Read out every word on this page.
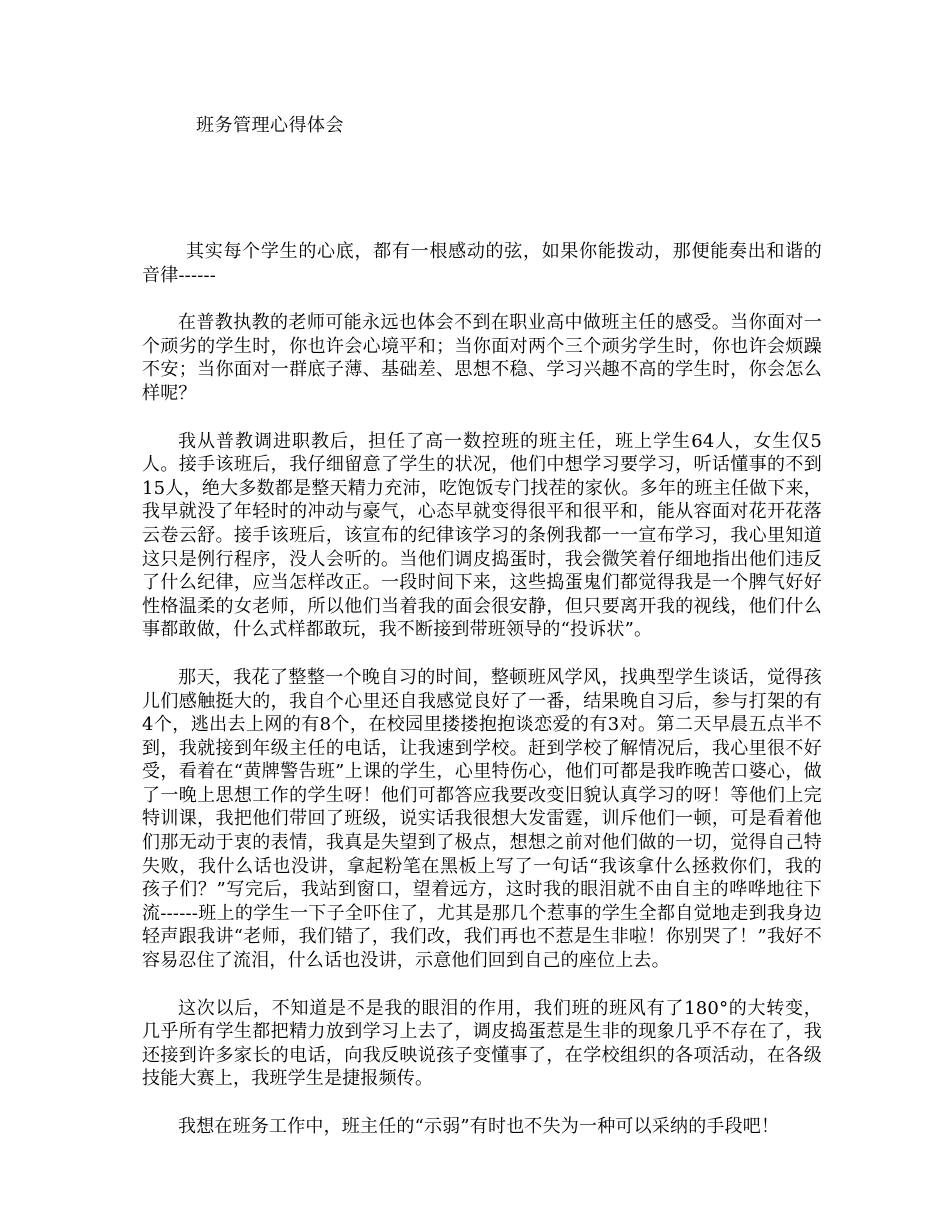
班务管理心得体会

其实每个学生的心底，都有一根感动的弦，如果你能拨动，那便能奏出和谐的音律------

在普教执教的老师可能永远也体会不到在职业高中做班主任的感受。当你面对一个顽劣的学生时，你也许会心境平和；当你面对两个三个顽劣学生时，你也许会烦躁不安；当你面对一群底子薄、基础差、思想不稳、学习兴趣不高的学生时，你会怎么样呢？

我从普教调进职教后，担任了高一数控班的班主任，班上学生64人，女生仅5人。接手该班后，我仔细留意了学生的状况，他们中想学习要学习，听话懂事的不到15人，绝大多数都是整天精力充沛，吃饱饭专门找茬的家伙。多年的班主任做下来，我早就没了年轻时的冲动与豪气，心态早就变得很平和很平和，能从容面对花开花落云卷云舒。接手该班后，该宣布的纪律该学习的条例我都一一宣布学习，我心里知道这只是例行程序，没人会听的。当他们调皮捣蛋时，我会微笑着仔细地指出他们违反了什么纪律，应当怎样改正。一段时间下来，这些捣蛋鬼们都觉得我是一个脾气好好性格温柔的女老师，所以他们当着我的面会很安静，但只要离开我的视线，他们什么事都敢做，什么式样都敢玩，我不断接到带班领导的“投诉状”。

那天，我花了整整一个晚自习的时间，整顿班风学风，找典型学生谈话，觉得孩儿们感触挺大的，我自个心里还自我感觉良好了一番，结果晚自习后，参与打架的有4个，逃出去上网的有8个，在校园里搂搂抱抱谈恋爱的有3对。第二天早晨五点半不到，我就接到年级主任的电话，让我速到学校。赶到学校了解情况后，我心里很不好受，看着在“黄牌警告班”上课的学生，心里特伤心，他们可都是我昨晚苦口婆心，做了一晚上思想工作的学生呀！他们可都答应我要改变旧貌认真学习的呀！等他们上完特训课，我把他们带回了班级，说实话我很想大发雷霆，训斥他们一顿，可是看着他们那无动于衷的表情，我真是失望到了极点，想想之前对他们做的一切，觉得自己特失败，我什么话也没讲，拿起粉笔在黑板上写了一句话“我该拿什么拯救你们，我的孩子们？”写完后，我站到窗口，望着远方，这时我的眼泪就不由自主的哗哗地往下流------班上的学生一下子全吓住了，尤其是那几个惹事的学生全都自觉地走到我身边轻声跟我讲“老师，我们错了，我们改，我们再也不惹是生非啦！你别哭了！”我好不容易忍住了流泪，什么话也没讲，示意他们回到自己的座位上去。

这次以后，不知道是不是我的眼泪的作用，我们班的班风有了180°的大转变，几乎所有学生都把精力放到学习上去了，调皮捣蛋惹是生非的现象几乎不存在了，我还接到许多家长的电话，向我反映说孩子变懂事了，在学校组织的各项活动，在各级技能大赛上，我班学生是捷报频传。

我想在班务工作中，班主任的“示弱”有时也不失为一种可以采纳的手段吧！
